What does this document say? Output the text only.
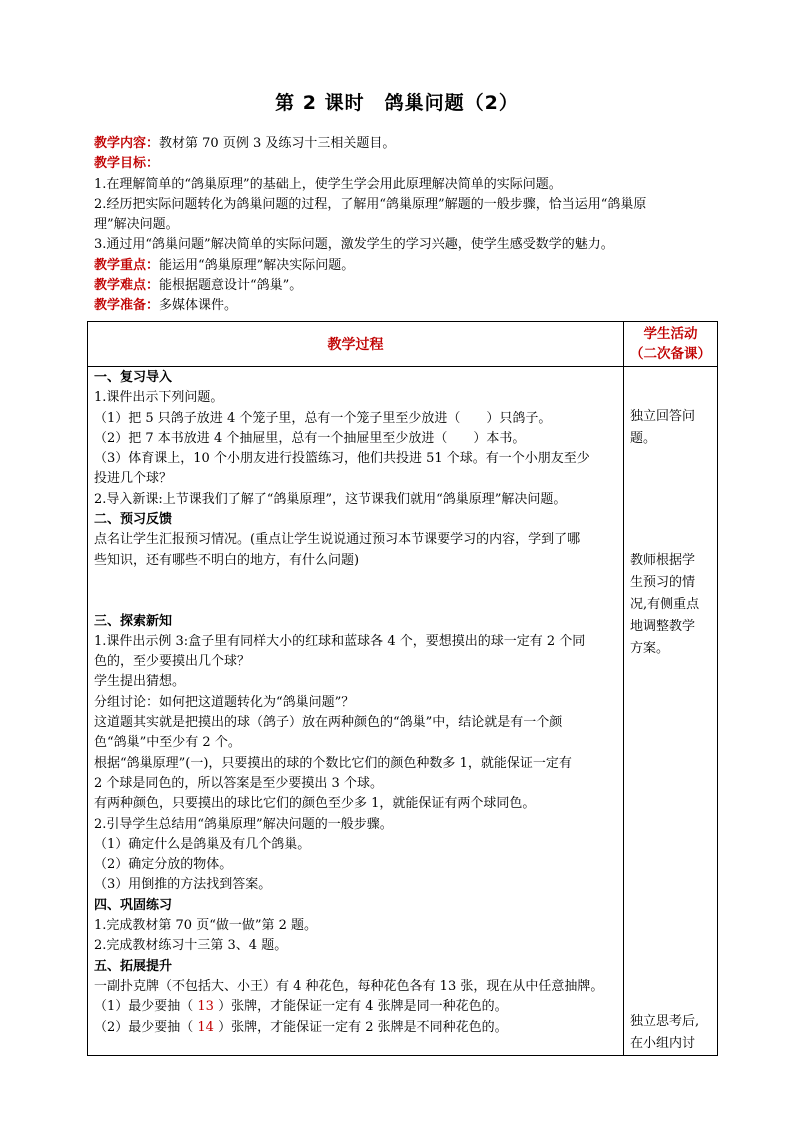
第 2 课时　鸽巢问题（2）
教学内容：教材第 70 页例 3 及练习十三相关题目。
教学目标：
1.在理解简单的“鸽巢原理”的基础上，使学生学会用此原理解决简单的实际问题。
2.经历把实际问题转化为鸽巢问题的过程，了解用“鸽巢原理”解题的一般步骤，恰当运用“鸽巢原
理”解决问题。
3.通过用“鸽巢问题”解决简单的实际问题，激发学生的学习兴趣，使学生感受数学的魅力。
教学重点：能运用“鸽巢原理”解决实际问题。
教学难点：能根据题意设计“鸽巢”。
教学准备：多媒体课件。
教学过程
学生活动
（二次备课）
一、复习导入
1.课件出示下列问题。
（1）把 5 只鸽子放进 4 个笼子里，总有一个笼子里至少放进（　　）只鸽子。
（2）把 7 本书放进 4 个抽屉里，总有一个抽屉里至少放进（　　）本书。
（3）体育课上，10 个小朋友进行投篮练习，他们共投进 51 个球。有一个小朋友至少
投进几个球？
2.导入新课:上节课我们了解了“鸽巢原理”，这节课我们就用“鸽巢原理”解决问题。
二、预习反馈
点名让学生汇报预习情况。(重点让学生说说通过预习本节课要学习的内容，学到了哪
些知识，还有哪些不明白的地方，有什么问题)

三、探索新知
1.课件出示例 3:盒子里有同样大小的红球和蓝球各 4 个，要想摸出的球一定有 2 个同
色的，至少要摸出几个球？
学生提出猜想。
分组讨论：如何把这道题转化为“鸽巢问题”？
这道题其实就是把摸出的球（鸽子）放在两种颜色的“鸽巢”中，结论就是有一个颜
色“鸽巢”中至少有 2 个。
根据“鸽巢原理”(一)，只要摸出的球的个数比它们的颜色种数多 1，就能保证一定有
2 个球是同色的，所以答案是至少要摸出 3 个球。
有两种颜色，只要摸出的球比它们的颜色至少多 1，就能保证有两个球同色。
2.引导学生总结用“鸽巢原理”解决问题的一般步骤。
（1）确定什么是鸽巢及有几个鸽巢。
（2）确定分放的物体。
（3）用倒推的方法找到答案。
四、巩固练习
1.完成教材第 70 页“做一做”第 2 题。
2.完成教材练习十三第 3、4 题。
五、拓展提升
一副扑克牌（不包括大、小王）有 4 种花色，每种花色各有 13 张，现在从中任意抽牌。
（1）最少要抽（ 13 ）张牌，才能保证一定有 4 张牌是同一种花色的。
（2）最少要抽（ 14 ）张牌，才能保证一定有 2 张牌是不同种花色的。
独立回答问
题。
教师根据学
生预习的情
况,有侧重点
地调整教学
方案。
独立思考后,
在小组内讨
